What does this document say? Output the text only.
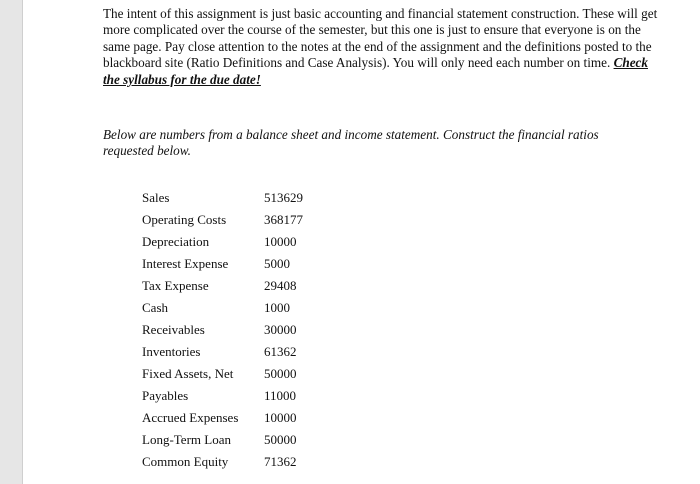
The intent of this assignment is just basic accounting and financial statement construction. These will get more complicated over the course of the semester, but this one is just to ensure that everyone is on the same page. Pay close attention to the notes at the end of the assignment and the definitions posted to the blackboard site (Ratio Definitions and Case Analysis). You will only need each number on time. Check the syllabus for the due date!

Below are numbers from a balance sheet and income statement. Construct the financial ratios requested below.

Sales	513629
Operating Costs	368177
Depreciation	10000
Interest Expense	5000
Tax Expense	29408
Cash	1000
Receivables	30000
Inventories	61362
Fixed Assets, Net	50000
Payables	11000
Accrued Expenses	10000
Long-Term Loan	50000
Common Equity	71362
